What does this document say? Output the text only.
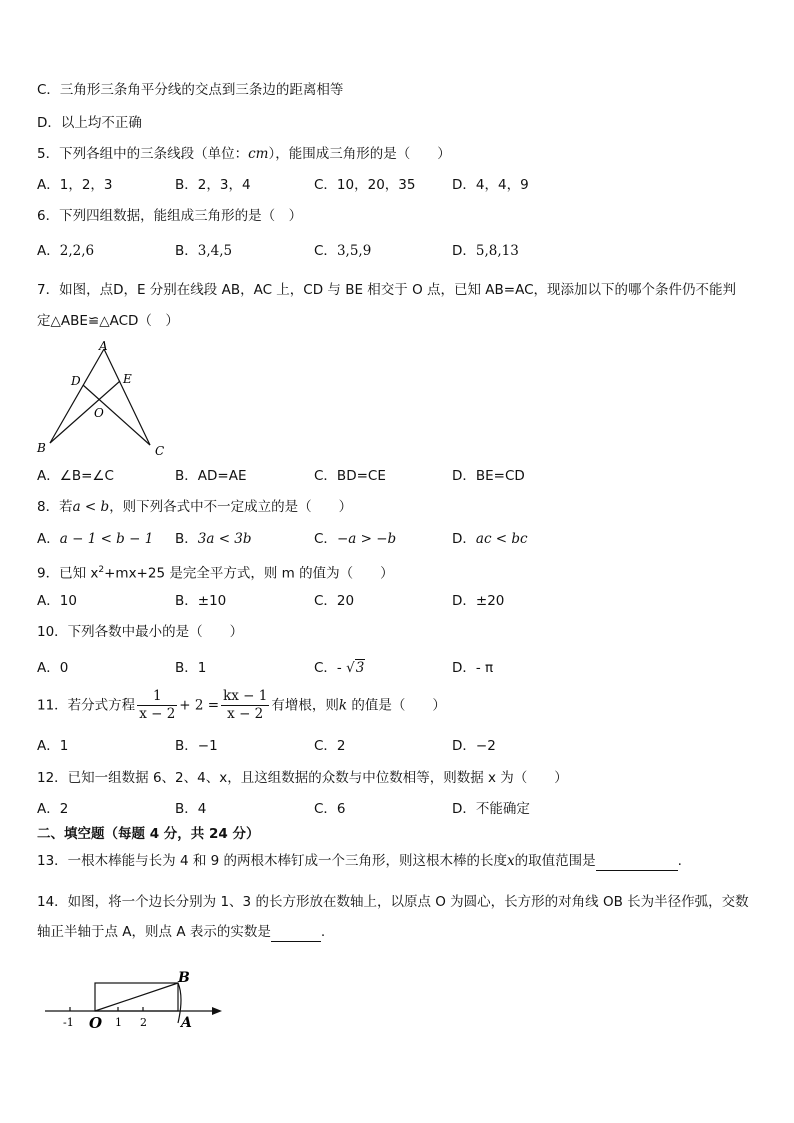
C．三角形三条角平分线的交点到三条边的距离相等
D．以上均不正确
5．下列各组中的三条线段（单位：cm），能围成三角形的是（　　）
A．1，2，3	B．2，3，4	C．10，20，35	D．4，4，9
6．下列四组数据，能组成三角形的是（　）
A．2,2,6	B．3,4,5	C．3,5,9	D．5,8,13
7．如图，点D，E 分别在线段 AB，AC 上，CD 与 BE 相交于 O 点，已知 AB=AC，现添加以下的哪个条件仍不能判
定△ABE≌△ACD（　）
A
D	E
O
B	C
A．∠B=∠C	B．AD=AE	C．BD=CE	D．BE=CD
8．若a < b，则下列各式中不一定成立的是（　　）
A．a − 1 < b − 1 B．3a < 3b	C．−a > −b	D．ac < bc
9．已知 $x^2+mx+25$ 是完全平方式，则 m 的值为（　　）
A．10	B．±10	C．20	D．±20
10．下列各数中最小的是（　　）
A．0	B．1	C．- √3	D．- π
11．若分式方程 $\frac{1}{x - 2} + 2 = \frac{kx - 1}{x - 2}$ 有增根，则k 的值是（　　）
A．1	B．−1	C．2	D．−2
12．已知一组数据 6、2、4、x，且这组数据的众数与中位数相等，则数据 x 为（　　）
A．2	B．4	C．6	D．不能确定
二、填空题（每题 4 分，共 24 分）
13．一根木棒能与长为 4 和 9 的两根木棒钉成一个三角形，则这根木棒的长度x的取值范围是	.
14．如图，将一个边长分别为 1、3 的长方形放在数轴上，以原点 O 为圆心，长方形的对角线 OB 长为半径作弧，交数
轴正半轴于点 A，则点 A 表示的实数是	.
-1 O 1 2
B
A
